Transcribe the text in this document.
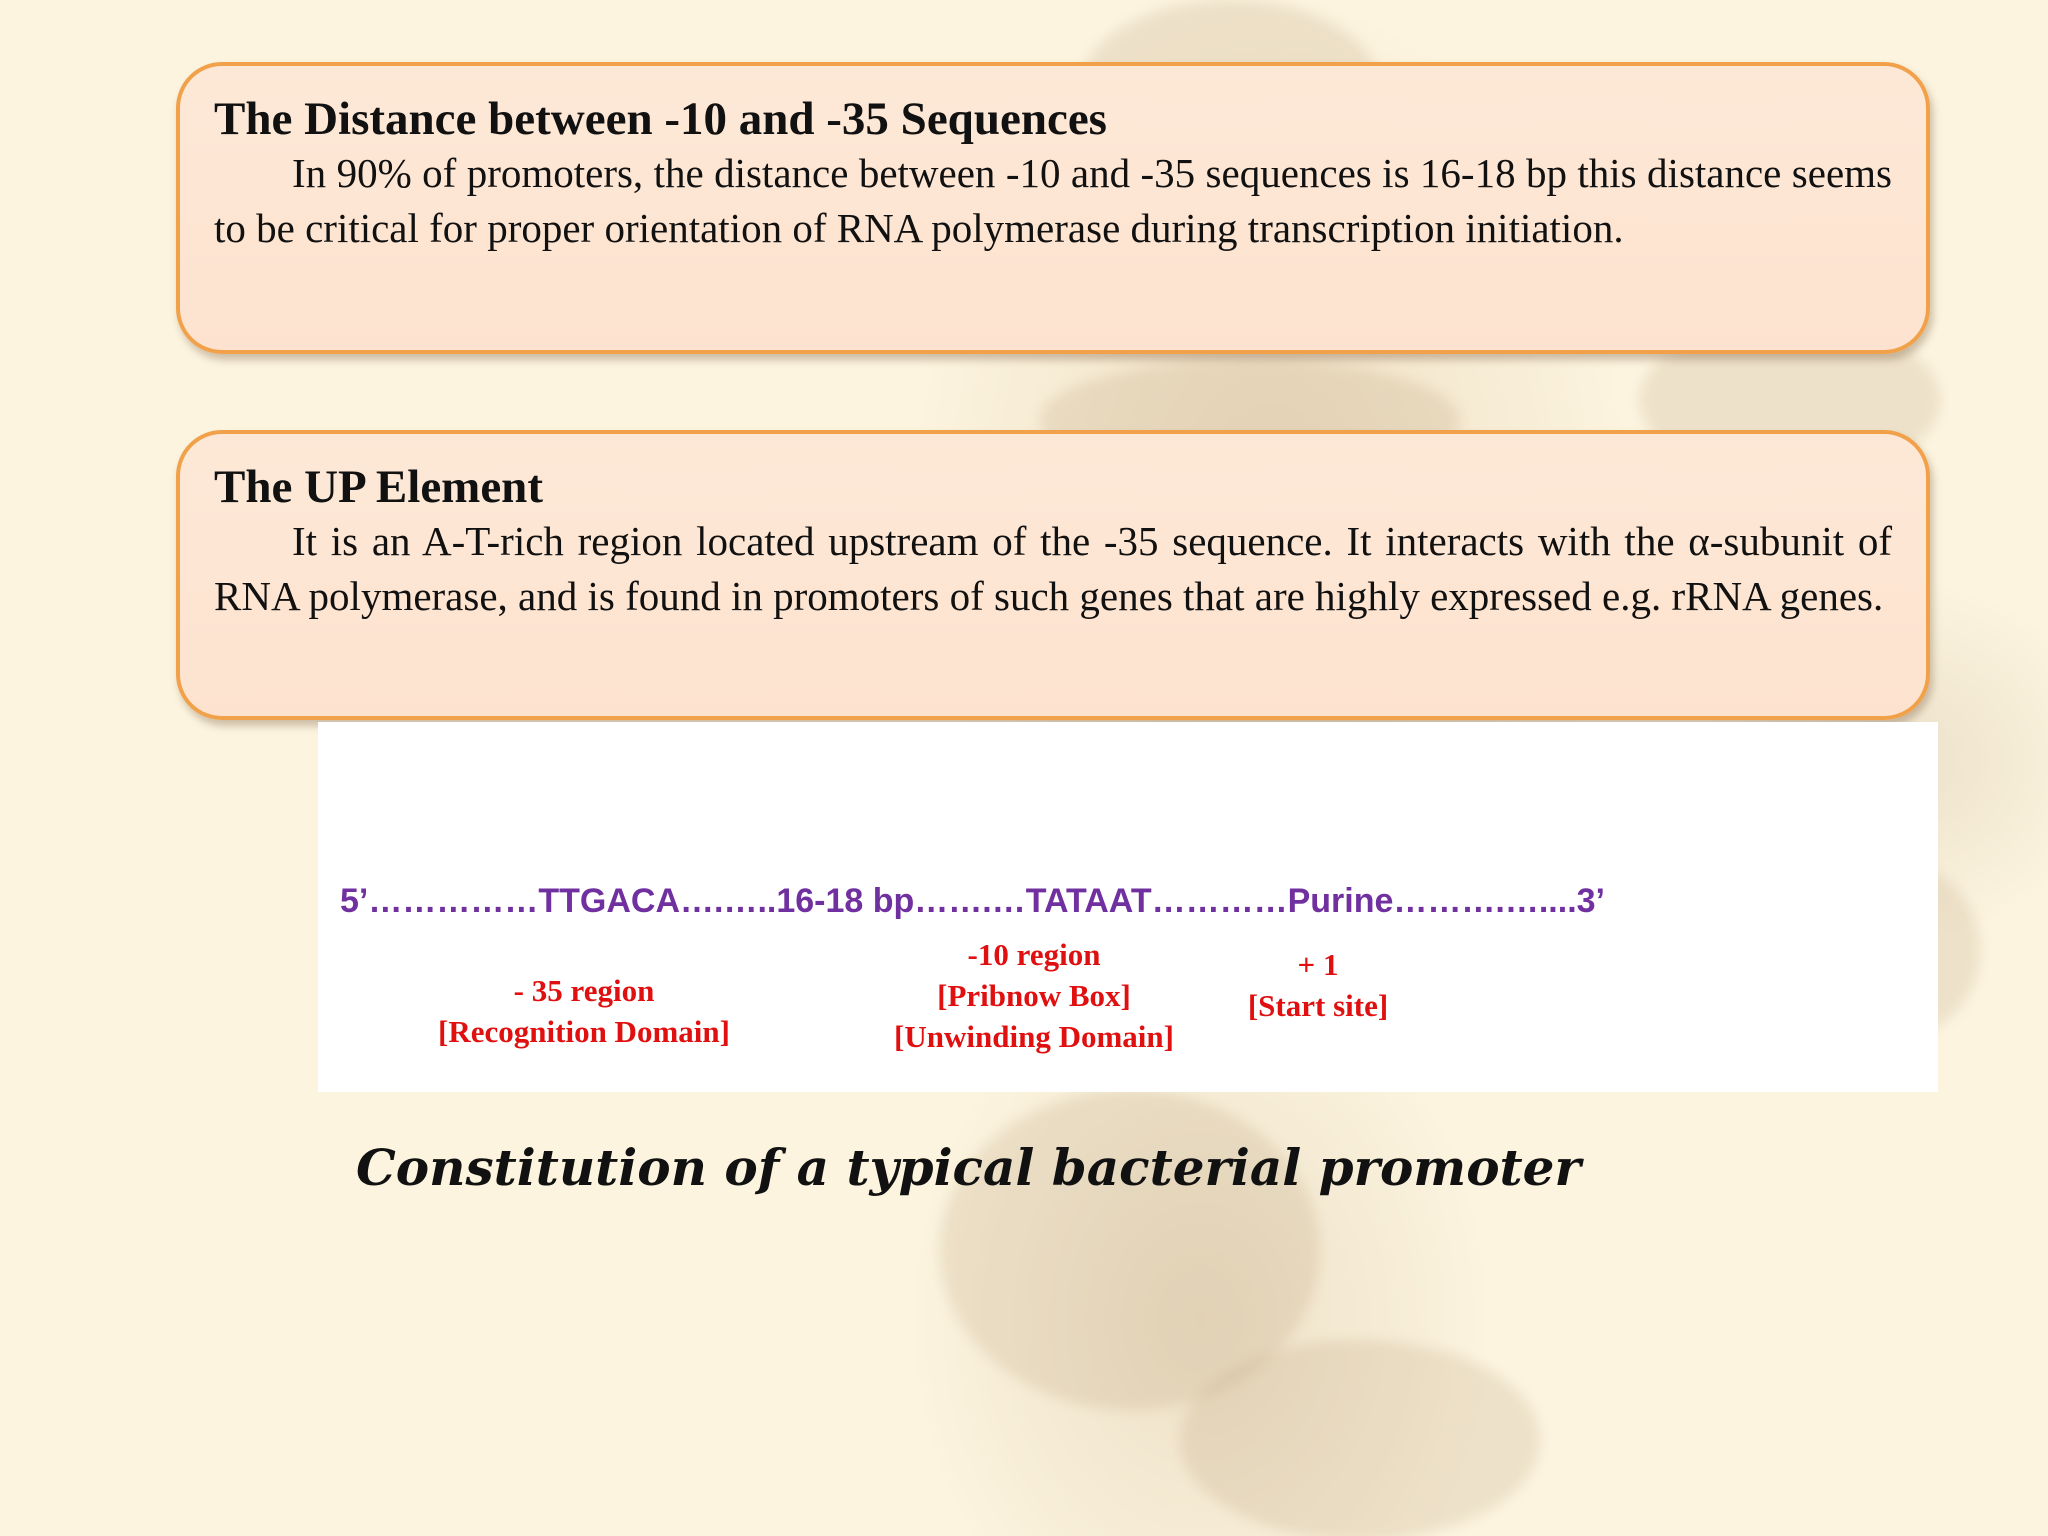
The Distance between -10 and -35 Sequences

In 90% of promoters, the distance between -10 and -35 sequences is 16-18 bp this distance seems to be critical for proper orientation of RNA polymerase during transcription initiation.

The UP Element

It is an A-T-rich region located upstream of the -35 sequence. It interacts with the α-subunit of RNA polymerase, and is found in promoters of such genes that are highly expressed e.g. rRNA genes.

5’……………TTGACA….…..16-18 bp…….…TATAAT…………Purine……….…....3’
- 35 region
[Recognition Domain]
-10 region
[Pribnow Box]
[Unwinding Domain]
+ 1
[Start site]
Constitution of a typical bacterial promoter
